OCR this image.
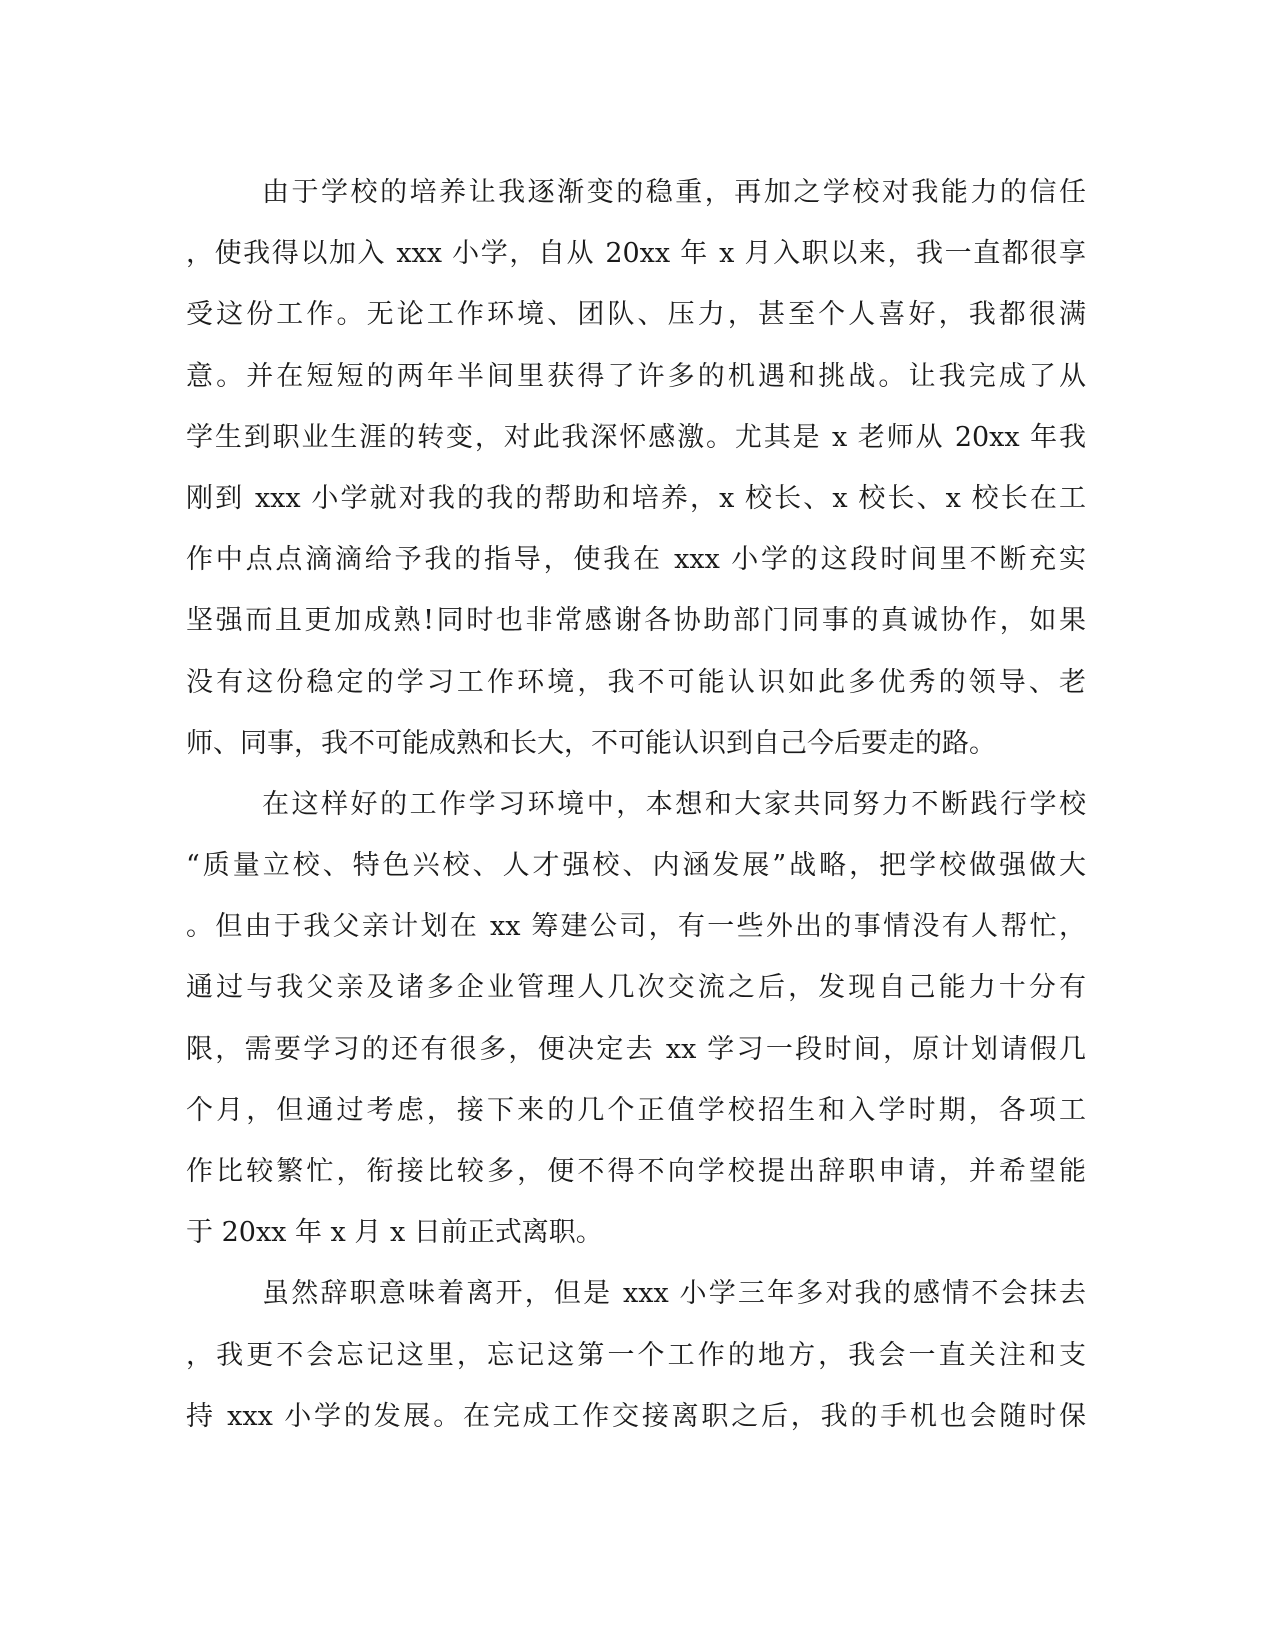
由于学校的培养让我逐渐变的稳重，再加之学校对我能力的信任
，使我得以加入 xxx 小学，自从 20xx 年 x 月入职以来，我一直都很享
受这份工作。无论工作环境、团队、压力，甚至个人喜好，我都很满
意。并在短短的两年半间里获得了许多的机遇和挑战。让我完成了从
学生到职业生涯的转变，对此我深怀感激。尤其是 x 老师从 20xx 年我
刚到 xxx 小学就对我的我的帮助和培养，x 校长、x 校长、x 校长在工
作中点点滴滴给予我的指导，使我在 xxx 小学的这段时间里不断充实
坚强而且更加成熟!同时也非常感谢各协助部门同事的真诚协作，如果
没有这份稳定的学习工作环境，我不可能认识如此多优秀的领导、老
师、同事，我不可能成熟和长大，不可能认识到自己今后要走的路。
在这样好的工作学习环境中，本想和大家共同努力不断践行学校
“质量立校、特色兴校、人才强校、内涵发展”战略，把学校做强做大
。但由于我父亲计划在 xx 筹建公司，有一些外出的事情没有人帮忙，
通过与我父亲及诸多企业管理人几次交流之后，发现自己能力十分有
限，需要学习的还有很多，便决定去 xx 学习一段时间，原计划请假几
个月，但通过考虑，接下来的几个正值学校招生和入学时期，各项工
作比较繁忙，衔接比较多，便不得不向学校提出辞职申请，并希望能
于 20xx 年 x 月 x 日前正式离职。
虽然辞职意味着离开，但是 xxx 小学三年多对我的感情不会抹去
，我更不会忘记这里，忘记这第一个工作的地方，我会一直关注和支
持 xxx 小学的发展。在完成工作交接离职之后，我的手机也会随时保
